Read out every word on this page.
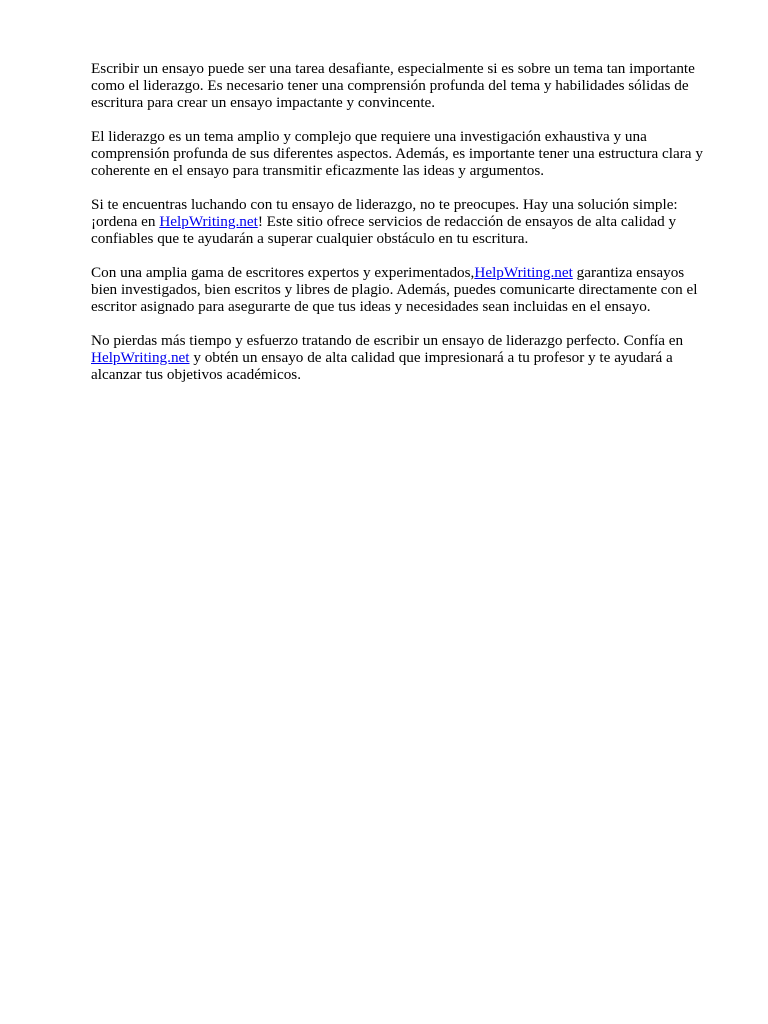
Escribir un ensayo puede ser una tarea desafiante, especialmente si es sobre un tema tan importante
como el liderazgo. Es necesario tener una comprensión profunda del tema y habilidades sólidas de
escritura para crear un ensayo impactante y convincente.

El liderazgo es un tema amplio y complejo que requiere una investigación exhaustiva y una
comprensión profunda de sus diferentes aspectos. Además, es importante tener una estructura clara y
coherente en el ensayo para transmitir eficazmente las ideas y argumentos.

Si te encuentras luchando con tu ensayo de liderazgo, no te preocupes. Hay una solución simple:
¡ordena en HelpWriting.net! Este sitio ofrece servicios de redacción de ensayos de alta calidad y
confiables que te ayudarán a superar cualquier obstáculo en tu escritura.

Con una amplia gama de escritores expertos y experimentados,HelpWriting.net garantiza ensayos
bien investigados, bien escritos y libres de plagio. Además, puedes comunicarte directamente con el
escritor asignado para asegurarte de que tus ideas y necesidades sean incluidas en el ensayo.

No pierdas más tiempo y esfuerzo tratando de escribir un ensayo de liderazgo perfecto. Confía en
HelpWriting.net y obtén un ensayo de alta calidad que impresionará a tu profesor y te ayudará a
alcanzar tus objetivos académicos.
